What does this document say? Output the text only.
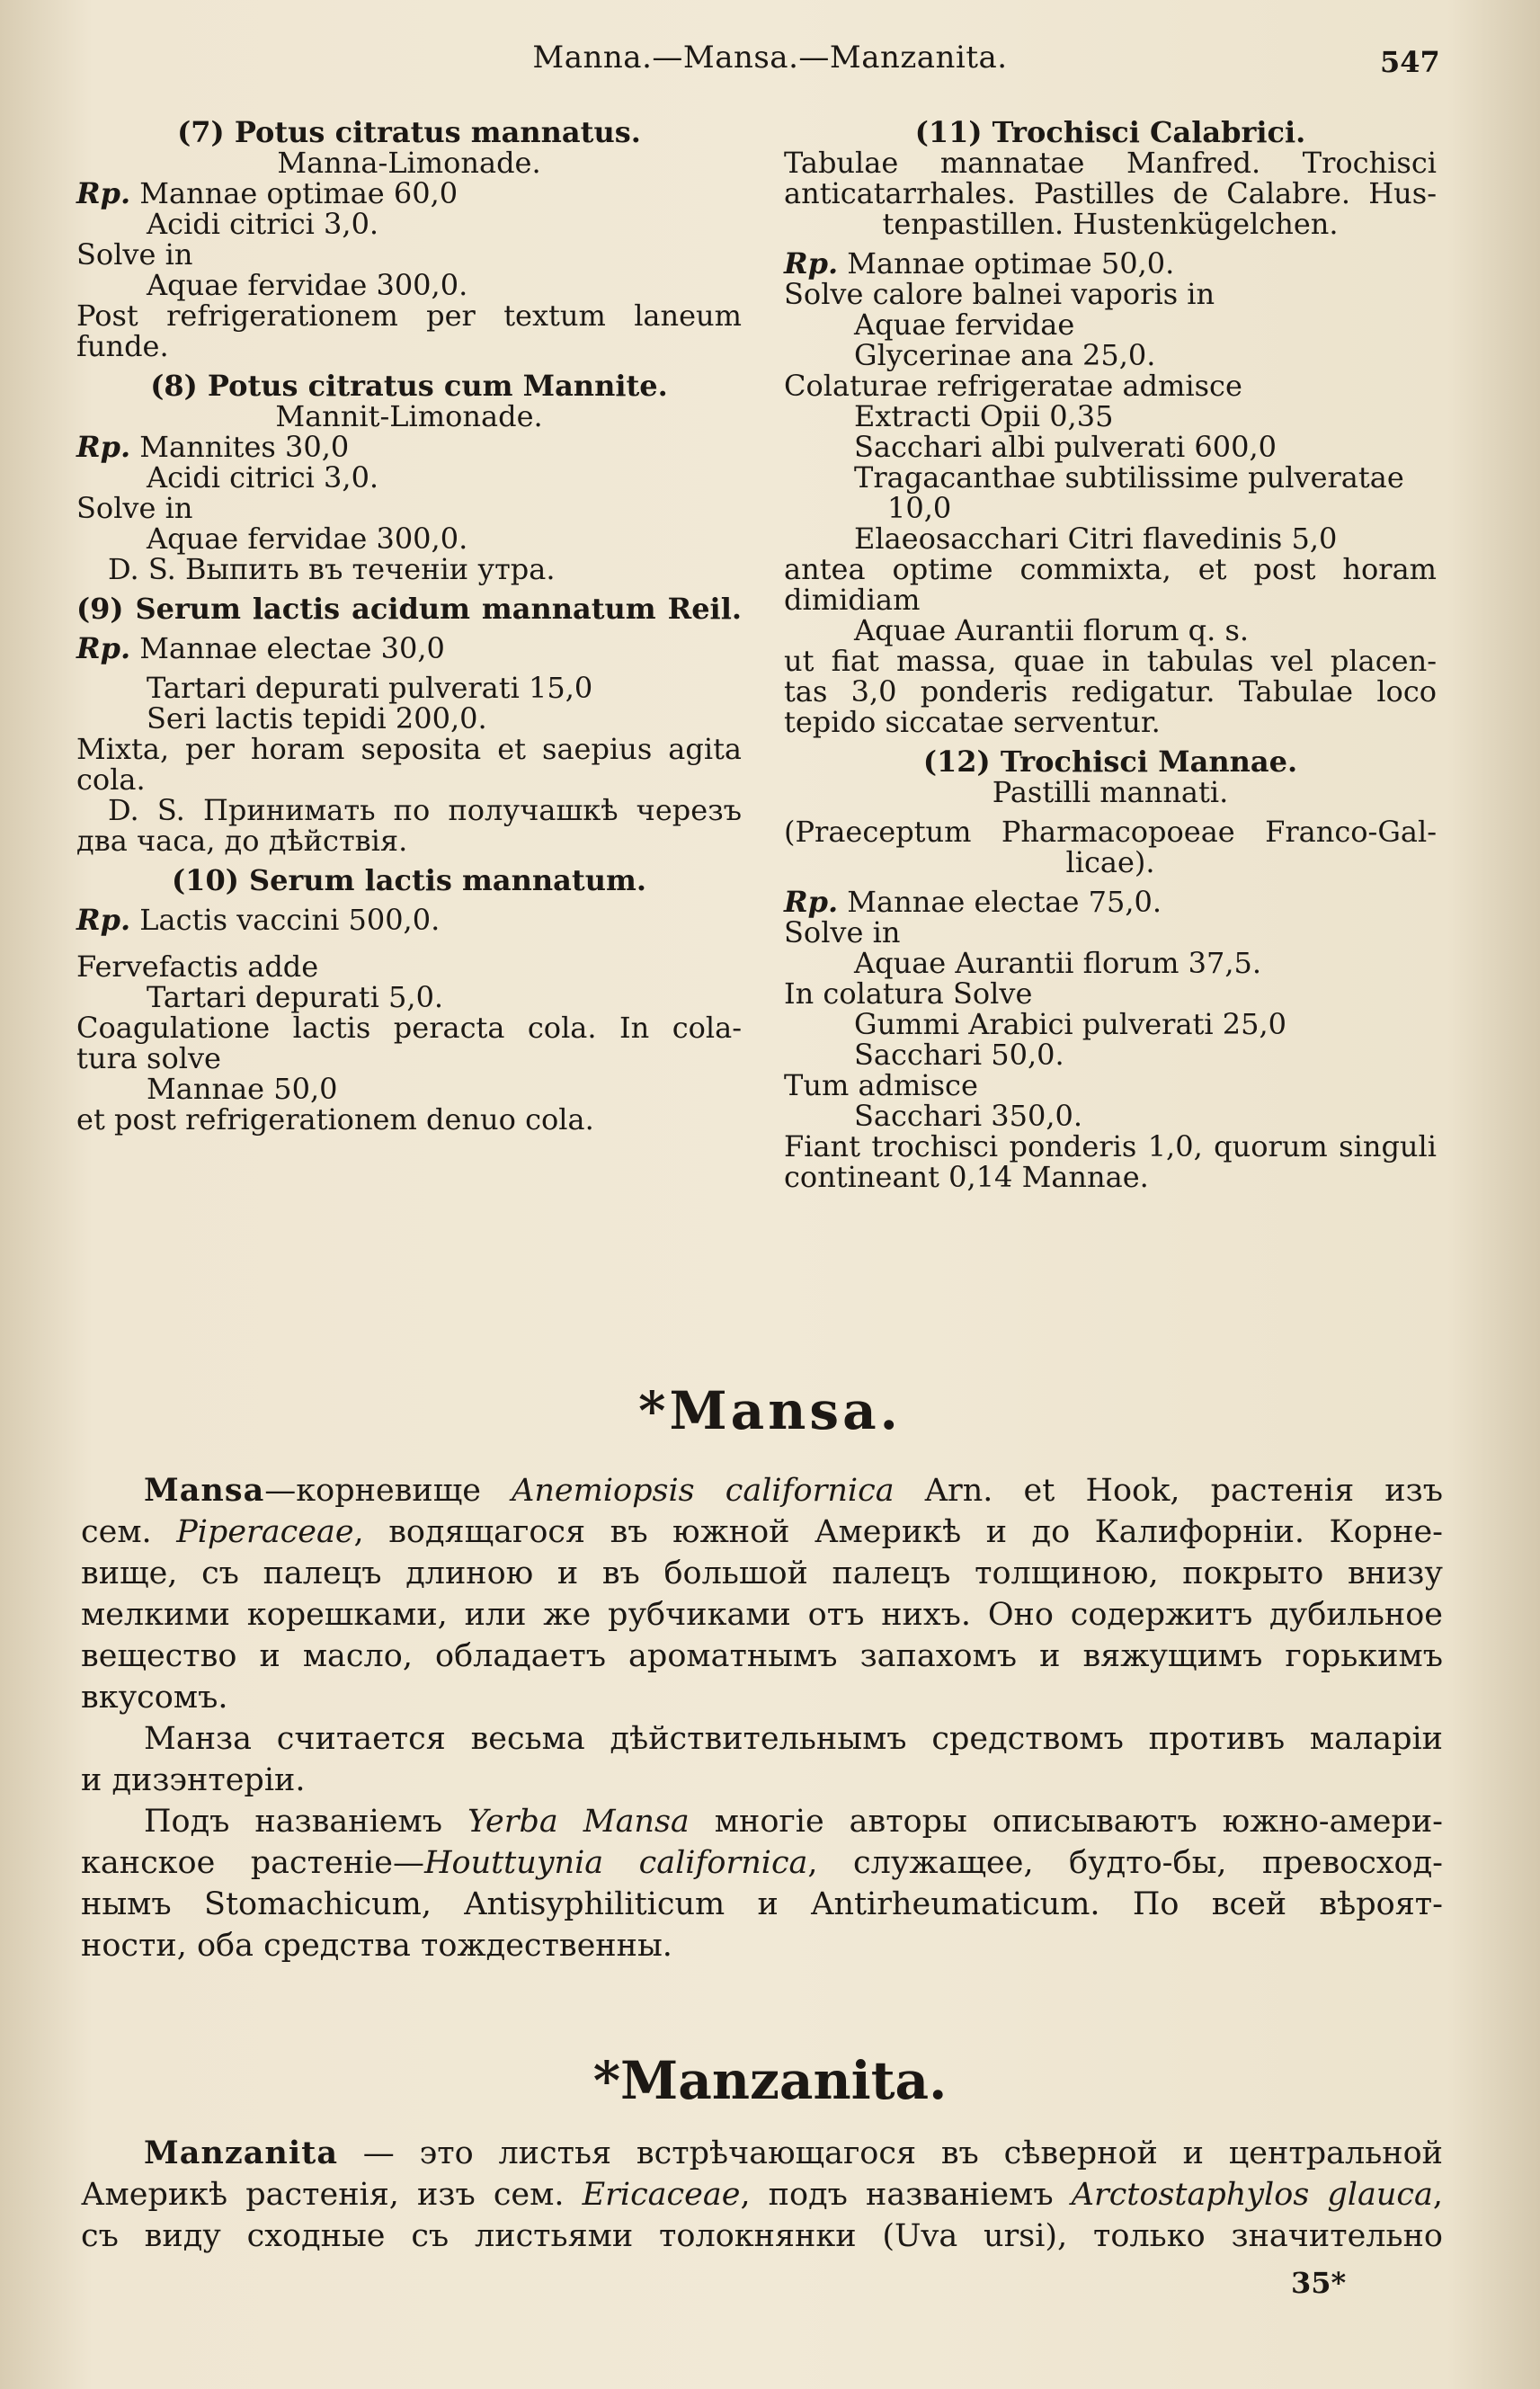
Manna.—Mansa.—Manzanita.	547
(7) Potus citratus mannatus.
Manna-Limonade.
Rp. Mannae optimae 60,0
Acidi citrici 3,0.
Solve in
Aquae fervidae 300,0.
Post refrigerationem per textum laneum
funde.
(8) Potus citratus cum Mannite.
Mannit-Limonade.
Rp. Mannites 30,0
Acidi citrici 3,0.
Solve in
Aquae fervidae 300,0.
D. S. Выпить въ теченіи утра.
(9) Serum lactis acidum mannatum Reil.
Rp. Mannae electae 30,0
Tartari depurati pulverati 15,0
Seri lactis tepidi 200,0.
Mixta, per horam seposita et saepius agita
cola.
D. S. Принимать по получашкѣ черезъ
два часа, до дѣйствія.
(10) Serum lactis mannatum.
Rp. Lactis vaccini 500,0.
Fervefactis adde
Tartari depurati 5,0.
Coagulatione lactis peracta cola. In cola-
tura solve
Mannae 50,0
et post refrigerationem denuo cola.
(11) Trochisci Calabrici.
Tabulae mannatae Manfred. Trochisci
anticatarrhales. Pastilles de Calabre. Hus-
tenpastillen. Hustenkügelchen.
Rp. Mannae optimae 50,0.
Solve calore balnei vaporis in
Aquae fervidae
Glycerinae ana 25,0.
Colaturae refrigeratae admisce
Extracti Opii 0,35
Sacchari albi pulverati 600,0
Tragacanthae subtilissime pulveratae
10,0
Elaeosacchari Citri flavedinis 5,0
antea optime commixta, et post horam
dimidiam
Aquae Aurantii florum q. s.
ut fiat massa, quae in tabulas vel placen-
tas 3,0 ponderis redigatur. Tabulae loco
tepido siccatae serventur.
(12) Trochisci Mannae.
Pastilli mannati.
(Praeceptum Pharmacopoeae Franco-Gal-
licae).
Rp. Mannae electae 75,0.
Solve in
Aquae Aurantii florum 37,5.
In colatura Solve
Gummi Arabici pulverati 25,0
Sacchari 50,0.
Tum admisce
Sacchari 350,0.
Fiant trochisci ponderis 1,0, quorum singuli
contineant 0,14 Mannae.
*Mansa.
Mansa—корневище Anemiopsis californica Arn. et Hook, растенія изъ
сем. Piperaceae, водящагося въ южной Америкѣ и до Калифорніи. Корне-
вище, съ палецъ длиною и въ большой палецъ толщиною, покрыто внизу
мелкими корешками, или же рубчиками отъ нихъ. Оно содержитъ дубильное
вещество и масло, обладаетъ ароматнымъ запахомъ и вяжущимъ горькимъ
вкусомъ.
Манза считается весьма дѣйствительнымъ средствомъ противъ маларіи
и дизэнтеріи.
Подъ названіемъ Yerba Mansa многіе авторы описываютъ южно-амери-
канское растеніе—Houttuynia californica, служащее, будто-бы, превосход-
нымъ Stomachicum, Antisyphiliticum и Antirheumaticum. По всей вѣроят-
ности, оба средства тождественны.
*Manzanita.
Manzanita — это листья встрѣчающагося въ сѣверной и центральной
Америкѣ растенія, изъ сем. Ericaceae, подъ названіемъ Arctostaphylos glauca,
съ виду сходные съ листьями толокнянки (Uva ursi), только значительно
35*
